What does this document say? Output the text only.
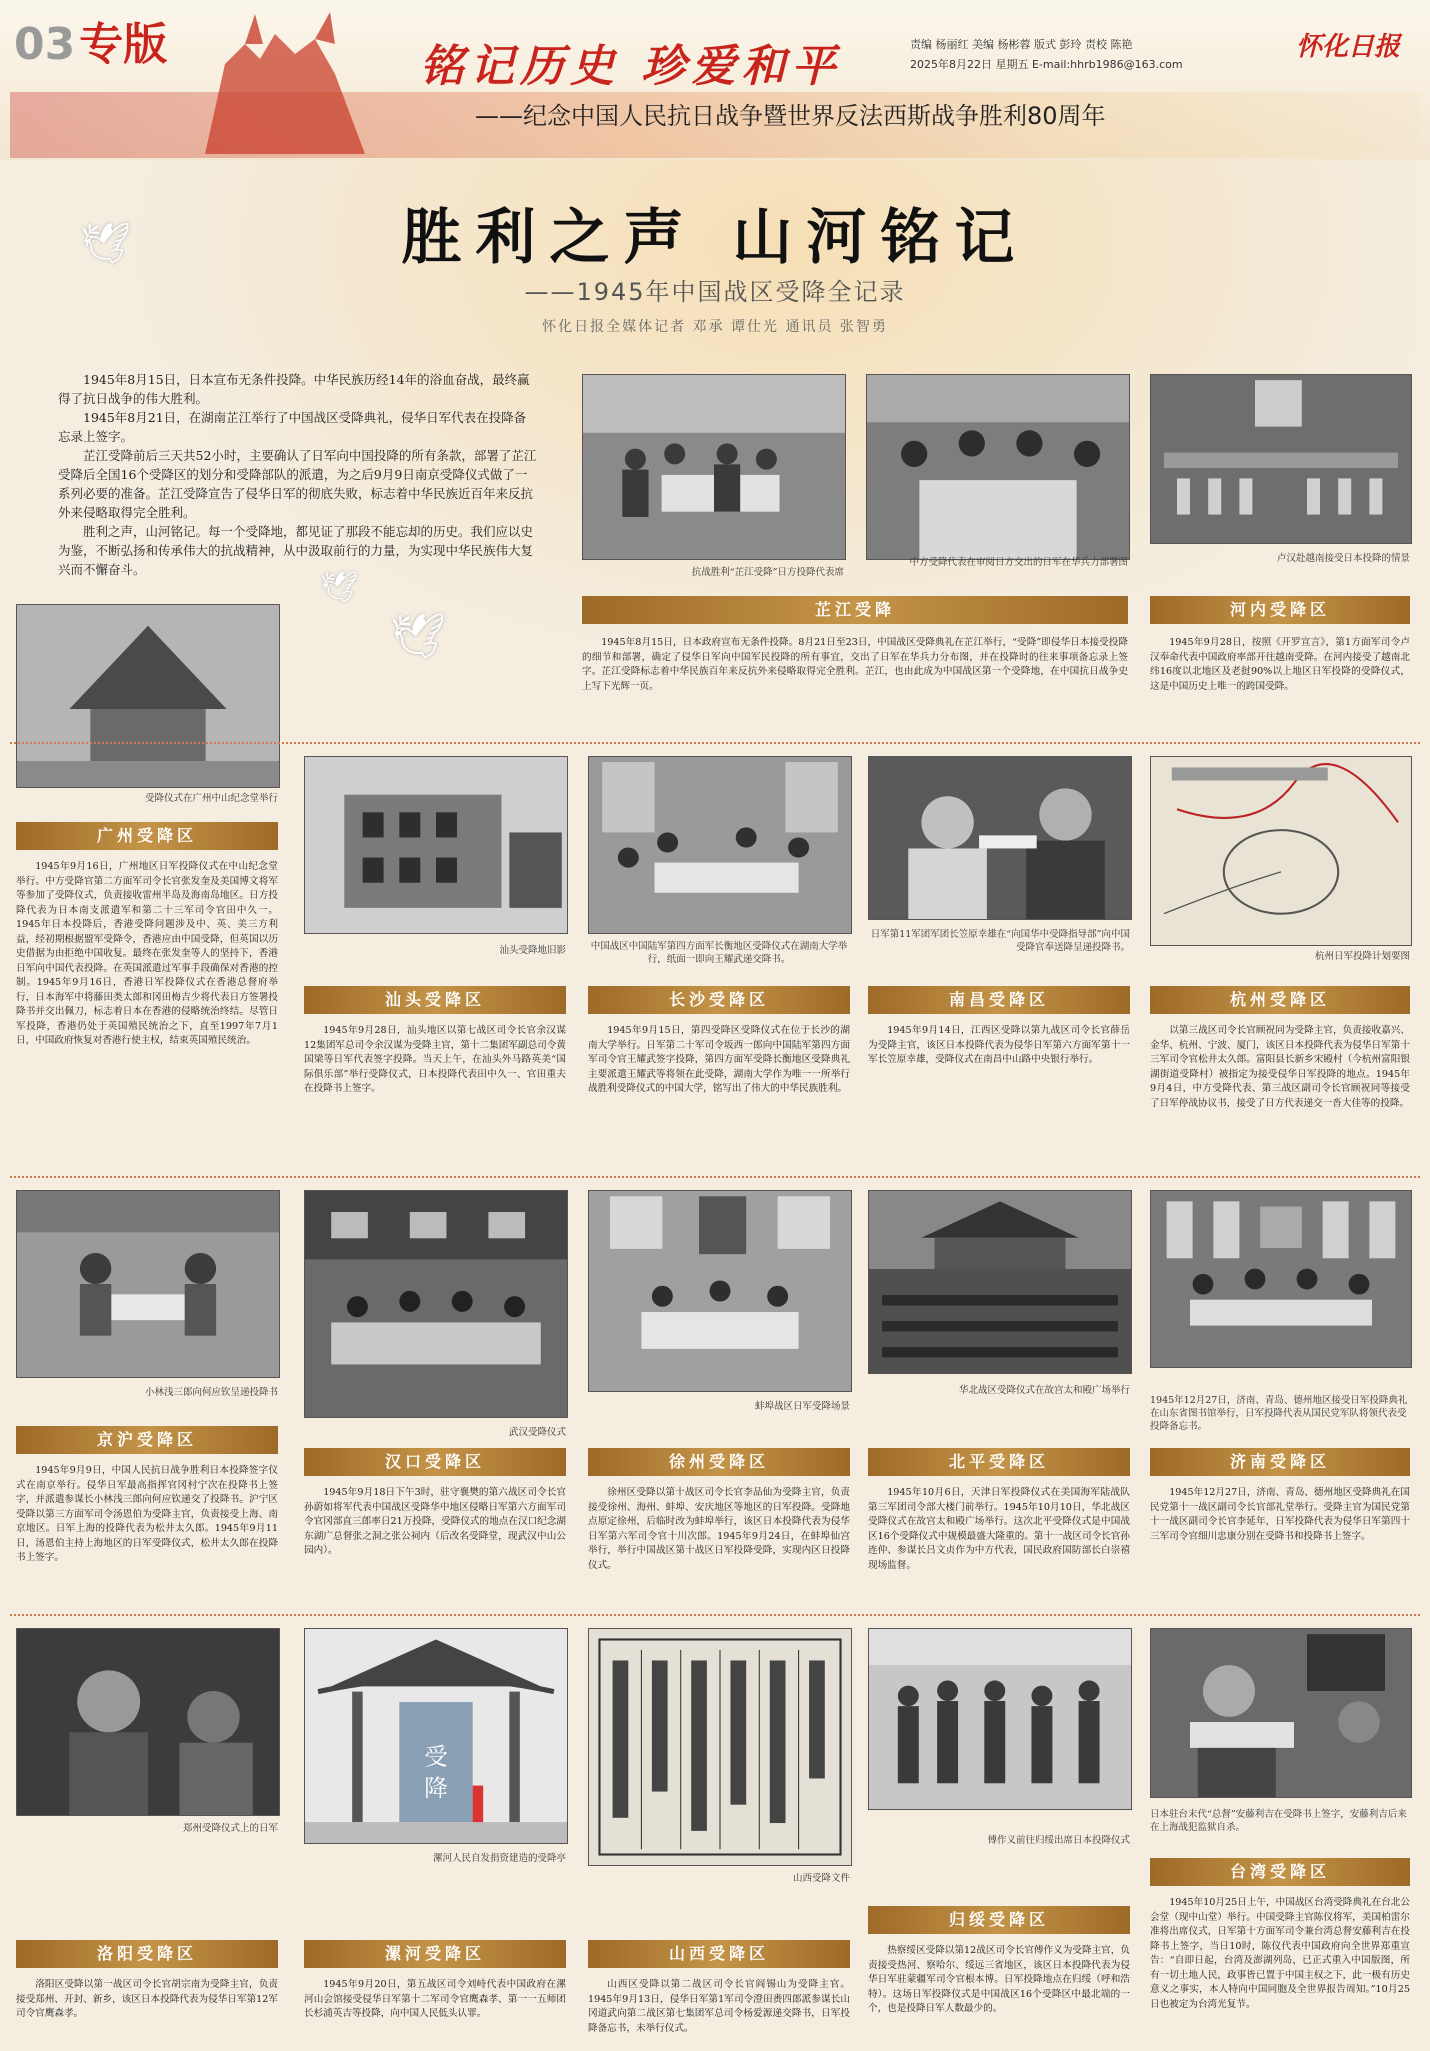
03专版	铭记历史 珍爱和平
——纪念中国人民抗日战争暨世界反法西斯战争胜利80周年
责编 杨丽红 美编 杨彬蓉 版式 彭玲 责校 陈艳
2025年8月22日 星期五 E-mail:hhrb1986@163.com
怀化日报
🕊
🕊
🕊
胜利之声 山河铭记
——1945年中国战区受降全记录
怀化日报全媒体记者 邓承 谭仕光 通讯员 张智勇

1945年8月15日，日本宣布无条件投降。中华民族历经14年的浴血奋战，最终赢得了抗日战争的伟大胜利。

1945年8月21日，在湖南芷江举行了中国战区受降典礼，侵华日军代表在投降备忘录上签字。

芷江受降前后三天共52小时，主要确认了日军向中国投降的所有条款，部署了芷江受降后全国16个受降区的划分和受降部队的派遣，为之后9月9日南京受降仪式做了一系列必要的准备。芷江受降宣告了侵华日军的彻底失败，标志着中华民族近百年来反抗外来侵略取得完全胜利。

胜利之声，山河铭记。每一个受降地，都见证了那段不能忘却的历史。我们应以史为鉴，不断弘扬和传承伟大的抗战精神，从中汲取前行的力量，为实现中华民族伟大复兴而不懈奋斗。	抗战胜利“芷江受降”日方投降代表席
中方受降代表在审阅日方交出的日军在华兵力部署图	卢汉赴越南接受日本投降的情景
受降仪式在广州中山纪念堂举行
芷江受降
1945年8月15日，日本政府宣布无条件投降。8月21日至23日，中国战区受降典礼在芷江举行，“受降”即侵华日本接受投降的细节和部署，确定了侵华日军向中国军民投降的所有事宜，交出了日军在华兵力分布图，并在投降时的往来事项备忘录上签字。芷江受降标志着中华民族百年来反抗外来侵略取得完全胜利。芷江，也由此成为中国战区第一个受降地，在中国抗日战争史上写下光辉一页。
河内受降区
1945年9月28日，按照《开罗宣言》，第1方面军司令卢汉奉命代表中国政府率部开往越南受降。在河内接受了越南北纬16度以北地区及老挝90%以上地区日军投降的受降仪式，这是中国历史上唯一的跨国受降。
广州受降区
1945年9月16日，广州地区日军投降仪式在中山纪念堂举行。中方受降官第二方面军司令长官张发奎及美国博文将军等参加了受降仪式，负责接收雷州半岛及海南岛地区。日方投降代表为日本南支派遣军和第二十三军司令官田中久一。1945年日本投降后，香港受降问题涉及中、英、美三方利益，经初期根据盟军受降令，香港应由中国受降，但英国以历史借据为由拒绝中国收复。最终在张发奎等人的坚持下，香港日军向中国代表投降。在英国派遣过军事手段确保对香港的控制。1945年9月16日，香港日军投降仪式在香港总督府举行，日本海军中将藤田类太郎和冈田梅吉少将代表日方签署投降书并交出佩刀，标志着日本在香港的侵略统治终结。尽管日军投降，香港仍处于英国殖民统治之下，直至1997年7月1日，中国政府恢复对香港行使主权，结束英国殖民统治。
汕头受降地旧影	中国战区中国陆军第四方面军长衡地区受降仪式在湖南大学举行，纸面一即向王耀武递交降书。
日军第11军团军团长笠原幸雄在“向国华中受降指导部”向中国受降官奉送降呈递投降书。
杭州日军投降计划要图
汕头受降区
1945年9月28日，汕头地区以第七战区司令长官余汉谋12集团军总司令余汉谋为受降主官，第十二集团军副总司令黄国梁等日军代表签字投降。当天上午，在汕头外马路英美“国际俱乐部”举行受降仪式，日本投降代表田中久一、官田重夫在投降书上签字。
长沙受降区
1945年9月15日，第四受降区受降仪式在位于长沙的湖南大学举行。日军第二十军司令坂西一郎向中国陆军第四方面军司令官王耀武签字投降，第四方面军受降长衡地区受降典礼主要派遣王耀武等将领在此受降，湖南大学作为唯一一所举行战胜利受降仪式的中国大学，铭写出了伟大的中华民族胜利。
南昌受降区
1945年9月14日，江西区受降以第九战区司令长官薛岳为受降主官，该区日本投降代表为侵华日军第六方面军第十一军长笠原幸雄，受降仪式在南昌中山路中央银行举行。
杭州受降区
以第三战区司令长官顾祝同为受降主官，负责接收嘉兴、金华、杭州、宁波、厦门，该区日本投降代表为侵华日军第十三军司令官松井太久郎。富阳县长新乡宋殿村（今杭州富阳银湖街道受降村）被指定为接受侵华日军投降的地点。1945年9月4日，中方受降代表、第三战区副司令长官顾祝同等接受了日军停战协议书，接受了日方代表递交一沓大佳等的投降。
小林浅三郎向何应钦呈递投降书
武汉受降仪式
蚌埠战区日军受降场景
华北战区受降仪式在故宫太和殿广场举行
1945年12月27日，济南、青岛、德州地区接受日军投降典礼在山东省图书馆举行，日军投降代表从国民党军队将领代表受投降备忘书。
京沪受降区
1945年9月9日，中国人民抗日战争胜利日本投降签字仪式在南京举行。侵华日军最高指挥官冈村宁次在投降书上签字，并派遣参谋长小林浅三郎向何应钦递交了投降书。沪宁区受降以第三方面军司令汤恩伯为受降主官，负责接受上海、南京地区。日军上海的投降代表为松井太久郎。1945年9月11日，汤恩伯主持上海地区的日军受降仪式，松井太久郎在投降书上签字。
汉口受降区
1945年9月18日下午3时，驻守襄樊的第六战区司令长官孙蔚如将军代表中国战区受降华中地区侵略日军第六方面军司令官冈部直三郎率日21万投降，受降仪式的地点在汉口纪念湖东湖广总督张之洞之张公祠内（后改名受降堂，现武汉中山公园内）。
徐州受降区
徐州区受降以第十战区司令长官李品仙为受降主官，负责接受徐州、海州、蚌埠、安庆地区等地区的日军投降。受降地点原定徐州，后临时改为蚌埠举行，该区日本投降代表为侵华日军第六军司令官十川次郎。1945年9月24日，在蚌埠仙宫举行，举行中国战区第十战区日军投降受降，实现内区日投降仪式。
北平受降区
1945年10月6日，天津日军投降仪式在美国海军陆战队第三军团司令部大楼门前举行。1945年10月10日，华北战区受降仪式在故宫太和殿广场举行。这次北平受降仪式是中国战区16个受降仪式中规模最盛大隆重的。第十一战区司令长官孙连仲、参谋长吕文贞作为中方代表，国民政府国防部长白崇禧现场监督。
济南受降区
1945年12月27日，济南、青岛、德州地区受降典礼在国民党第十一战区副司令长官部礼堂举行。受降主官为国民党第十一战区副司令长官李延年，日军投降代表为侵华日军第四十三军司令官细川忠康分别在受降书和投降书上签字。
郑州受降仪式上的日军
受
降
漯河人民自发捐资建造的受降亭
山西受降文件
傅作义前往归绥出席日本投降仪式
日本驻台末代“总督”安藤利吉在受降书上签字，安藤利吉后来在上海战犯监狱自杀。
归绥受降区
热察绥区受降以第12战区司令长官傅作义为受降主官，负责接受热河、察哈尔、绥远三省地区，该区日本投降代表为侵华日军驻蒙疆军司令官根本博。日军投降地点在归绥（呼和浩特）。这场日军投降仪式是中国战区16个受降区中最北端的一个，也是投降日军人数最少的。
台湾受降区
1945年10月25日上午，中国战区台湾受降典礼在台北公会堂（现中山堂）举行。中国受降主官陈仪将军，美国柏雷尔准将出席仪式，日军第十方面军司令兼台湾总督安藤利吉在投降书上签字，当日10时，陈仪代表中国政府向全世界郑重宣告：“自即日起，台湾及澎湖列岛，已正式重入中国版图，所有一切土地人民，政事皆已置于中国主权之下，此一极有历史意义之事实，本人特向中国同胞及全世界报告周知。”10月25日也被定为台湾光复节。
洛阳受降区
洛阳区受降以第一战区司令长官胡宗南为受降主官，负责接受郑州、开封、新乡，该区日本投降代表为侵华日军第12军司令官鹰森孝。
漯河受降区
1945年9月20日，第五战区司令刘峙代表中国政府在漯河山会馆接受侵华日军第十二军司令官鹰森孝、第一一五师团长杉浦英吉等投降，向中国人民低头认罪。
山西受降区
山西区受降以第二战区司令长官阎锡山为受降主官。1945年9月13日，侵华日军第1军司令澄田赉四郎派参谋长山冈道武向第二战区第七集团军总司令杨爱源递交降书，日军投降备忘书，未举行仪式。
